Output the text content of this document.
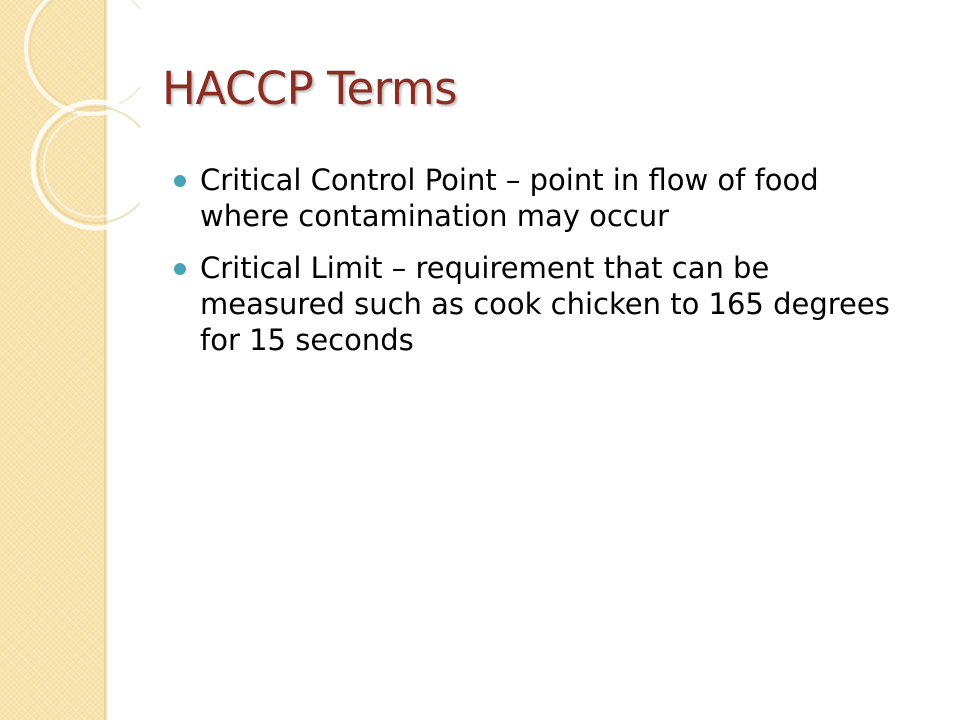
HACCP Terms
Critical Control Point – point in flow of food where contamination may occur
Critical Limit – requirement that can be measured such as cook chicken to 165 degrees for 15 seconds
